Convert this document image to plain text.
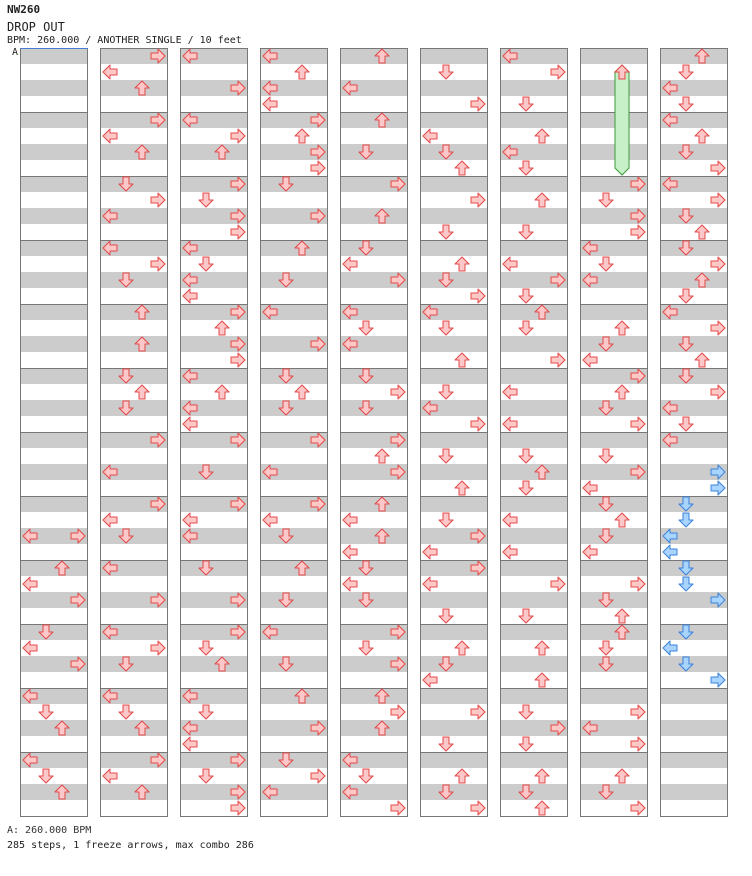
NW260
DROP OUT
BPM: 260.000 / ANOTHER SINGLE / 10 feet
A
A: 260.000 BPM
285 steps, 1 freeze arrows, max combo 286
